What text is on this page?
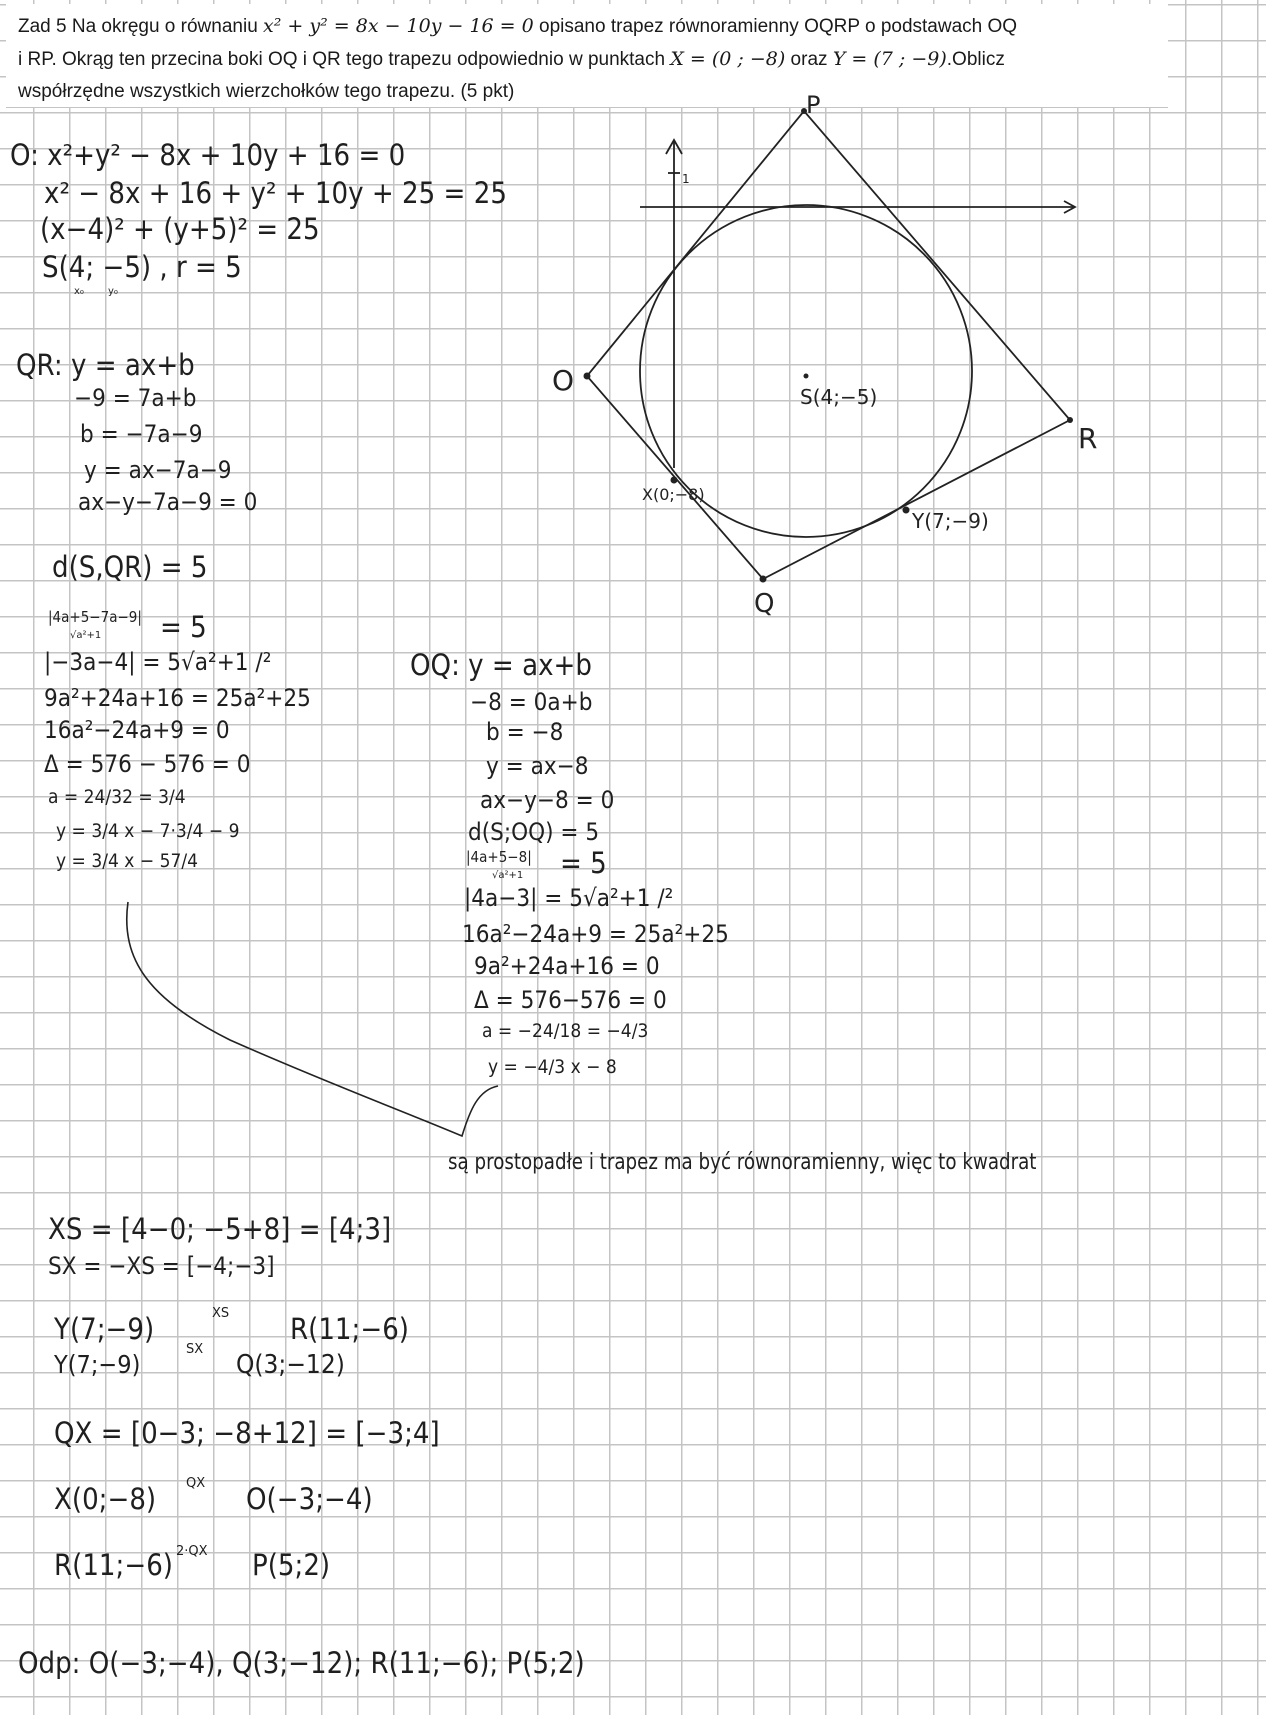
Zad 5 Na okręgu o równaniu x² + y² = 8x − 10y − 16 = 0 opisano trapez równoramienny OQRP o podstawach OQ

i RP. Okrąg ten przecina boki OQ i QR tego trapezu odpowiednio w punktach X = (0 ; −8) oraz Y = (7 ; −9).Oblicz

współrzędne wszystkich wierzchołków tego trapezu. (5 pkt)

O: x²+y² − 8x + 10y + 16 = 0
x² − 8x + 16 + y² + 10y + 25 = 25
(x−4)² + (y+5)² = 25
S(4; −5) , r = 5
x₀ y₀
QR: y = ax+b
−9 = 7a+b
b = −7a−9
y = ax−7a−9
ax−y−7a−9 = 0
d(S,QR) = 5
|4a+5−7a−9|
√a²+1 = 5
|−3a−4| = 5√a²+1 /²
9a²+24a+16 = 25a²+25
16a²−24a+9 = 0
Δ = 576 − 576 = 0
a = 24/32 = 3/4
y = 3/4 x − 7·3/4 − 9
y = 3/4 x − 57/4
OQ: y = ax+b
−8 = 0a+b
b = −8
y = ax−8
ax−y−8 = 0
d(S;OQ) = 5
|4a+5−8|
√a²+1 = 5
|4a−3| = 5√a²+1 /²
16a²−24a+9 = 25a²+25
9a²+24a+16 = 0
Δ = 576−576 = 0
a = −24/18 = −4/3
y = −4/3 x − 8
są prostopadłe i trapez ma być równoramienny, więc to kwadrat
XS = [4−0; −5+8] = [4;3]
SX = −XS = [−4;−3]
Y(7;−9)	XS R(11;−6)
Y(7;−9)
SX
Q(3;−12)
QX = [0−3; −8+12] = [−3;4]
X(0;−8) QX O(−3;−4)
R(11;−6) 2·QX P(5;2)
Odp: O(−3;−4), Q(3;−12); R(11;−6); P(5;2)
P
O
R
Q
S(4;−5)
X(0;−8)
Y(7;−9)
1
